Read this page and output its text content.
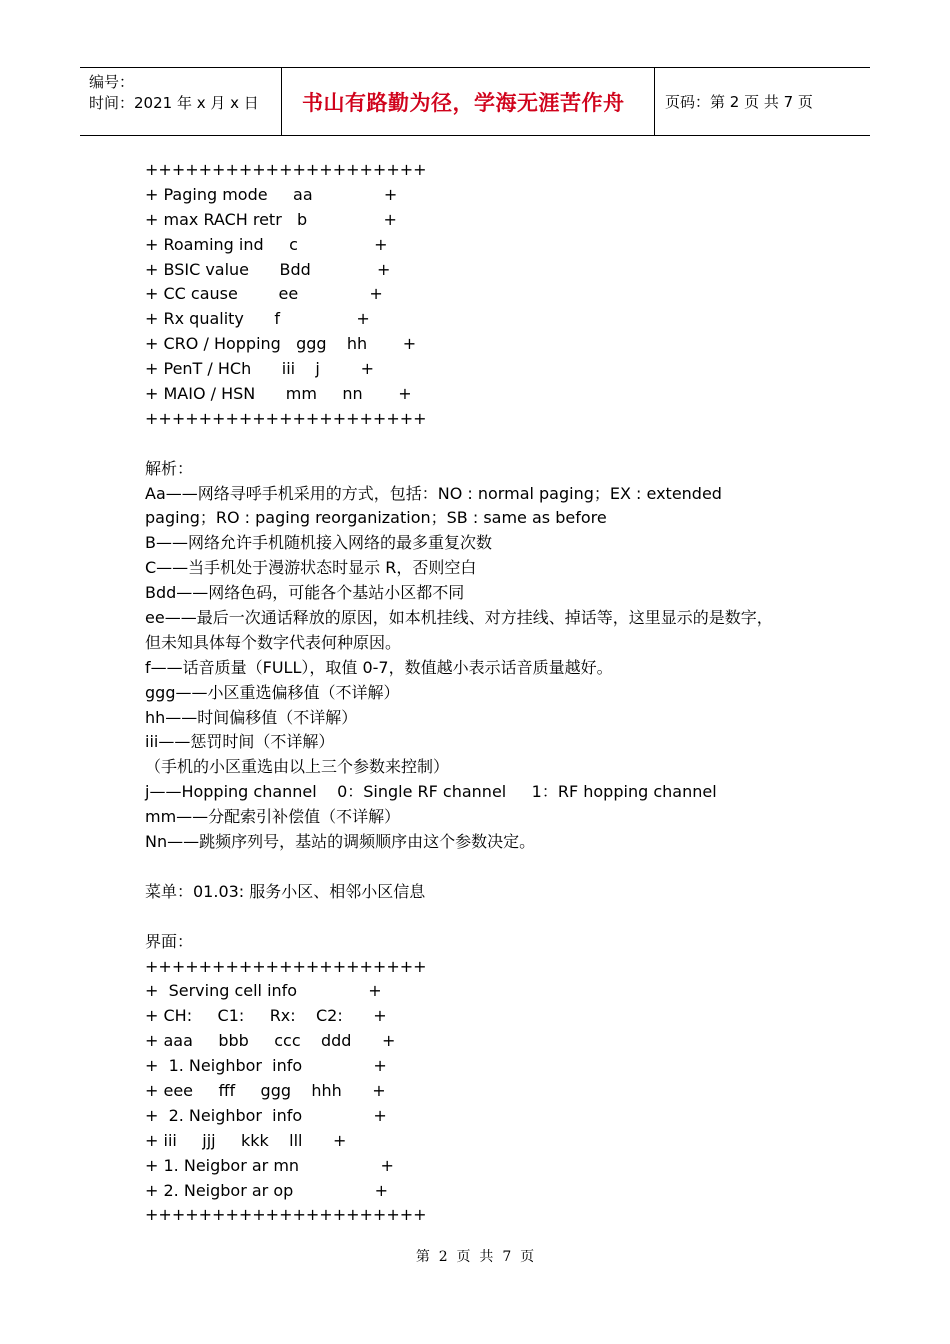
编号：
时间：2021 年 x 月 x 日	书山有路勤为径，学海无涯苦作舟	页码：第 2 页 共 7 页
+++++++++++++++++++++
+ Paging mode     aa              +
+ max RACH retr   b               +
+ Roaming ind     c               +
+ BSIC value      Bdd             +
+ CC cause        ee              +
+ Rx quality      f               +
+ CRO / Hopping   ggg    hh       +
+ PenT / HCh      iii    j        +
+ MAIO / HSN      mm     nn       +
+++++++++++++++++++++
解析：
Aa——网络寻呼手机采用的方式，包括：NO : normal paging；EX : extended
paging；RO : paging reorganization；SB : same as before
B——网络允许手机随机接入网络的最多重复次数
C——当手机处于漫游状态时显示 R，否则空白
Bdd——网络色码，可能各个基站小区都不同
ee——最后一次通话释放的原因，如本机挂线、对方挂线、掉话等，这里显示的是数字，
但未知具体每个数字代表何种原因。
f——话音质量（FULL），取值 0-7，数值越小表示话音质量越好。
ggg——小区重选偏移值（不详解）
hh——时间偏移值（不详解）
iii——惩罚时间（不详解）
（手机的小区重选由以上三个参数来控制）
j——Hopping channel    0：Single RF channel     1：RF hopping channel
mm——分配索引补偿值（不详解）
Nn——跳频序列号，基站的调频顺序由这个参数决定。
菜单：01.03: 服务小区、相邻小区信息
界面：
+++++++++++++++++++++
+  Serving cell info              +
+ CH:     C1:     Rx:    C2:      +
+ aaa     bbb     ccc    ddd      +
+  1. Neighbor  info              +
+ eee     fff     ggg    hhh      +
+  2. Neighbor  info              +
+ iii     jjj     kkk    lll      +
+ 1. Neigbor ar mn                +
+ 2. Neigbor ar op                +
+++++++++++++++++++++
第  2  页  共  7  页
